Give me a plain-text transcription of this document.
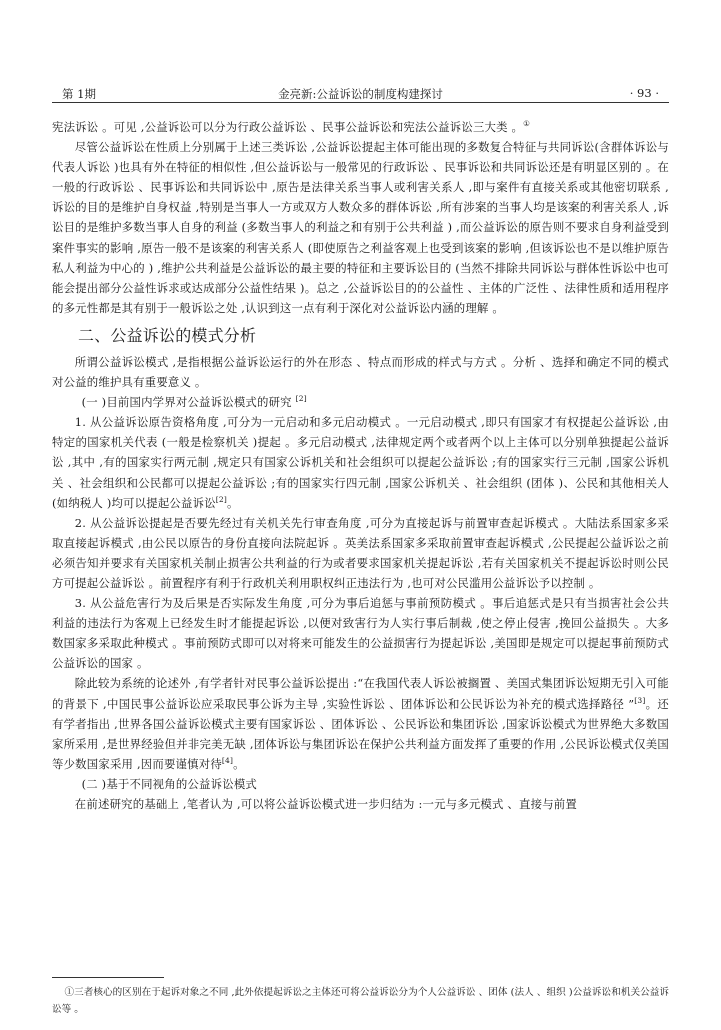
第 1期	金亮新:公益诉讼的制度构建探讨	· 93 ·

宪法诉讼 。可见 ,公益诉讼可以分为行政公益诉讼 、民事公益诉讼和宪法公益诉讼三大类 。①

尽管公益诉讼在性质上分别属于上述三类诉讼 ,公益诉讼提起主体可能出现的多数复合特征与共同诉讼(含群体诉讼与代表人诉讼 )也具有外在特征的相似性 ,但公益诉讼与一般常见的行政诉讼 、民事诉讼和共同诉讼还是有明显区别的 。在一般的行政诉讼 、民事诉讼和共同诉讼中 ,原告是法律关系当事人或利害关系人 ,即与案件有直接关系或其他密切联系 ,诉讼的目的是维护自身权益 ,特别是当事人一方或双方人数众多的群体诉讼 ,所有涉案的当事人均是该案的利害关系人 ,诉讼目的是维护多数当事人自身的利益 (多数当事人的利益之和有别于公共利益 ) ,而公益诉讼的原告则不要求自身利益受到案件事实的影响 ,原告一般不是该案的利害关系人 (即使原告之利益客观上也受到该案的影响 ,但该诉讼也不是以维护原告私人利益为中心的 ) ,维护公共利益是公益诉讼的最主要的特征和主要诉讼目的 (当然不排除共同诉讼与群体性诉讼中也可能会提出部分公益性诉求或达成部分公益性结果 )。总之 ,公益诉讼目的的公益性 、主体的广泛性 、法律性质和适用程序的多元性都是其有别于一般诉讼之处 ,认识到这一点有利于深化对公益诉讼内涵的理解 。

二、公益诉讼的模式分析

所谓公益诉讼模式 ,是指根据公益诉讼运行的外在形态 、特点而形成的样式与方式 。分析 、选择和确定不同的模式对公益的维护具有重要意义 。

(一 )目前国内学界对公益诉讼模式的研究 [2]

1. 从公益诉讼原告资格角度 ,可分为一元启动和多元启动模式 。一元启动模式 ,即只有国家才有权提起公益诉讼 ,由特定的国家机关代表 (一般是检察机关 )提起 。多元启动模式 ,法律规定两个或者两个以上主体可以分别单独提起公益诉讼 ,其中 ,有的国家实行两元制 ,规定只有国家公诉机关和社会组织可以提起公益诉讼 ;有的国家实行三元制 ,国家公诉机关 、社会组织和公民都可以提起公益诉讼 ;有的国家实行四元制 ,国家公诉机关 、社会组织 (团体 )、公民和其他相关人 (如纳税人 )均可以提起公益诉讼[2]。

2. 从公益诉讼提起是否要先经过有关机关先行审查角度 ,可分为直接起诉与前置审查起诉模式 。大陆法系国家多采取直接起诉模式 ,由公民以原告的身份直接向法院起诉 。英美法系国家多采取前置审查起诉模式 ,公民提起公益诉讼之前必须告知并要求有关国家机关制止损害公共利益的行为或者要求国家机关提起诉讼 ,若有关国家机关不提起诉讼时则公民方可提起公益诉讼 。前置程序有利于行政机关利用职权纠正违法行为 ,也可对公民滥用公益诉讼予以控制 。

3. 从公益危害行为及后果是否实际发生角度 ,可分为事后追惩与事前预防模式 。事后追惩式是只有当损害社会公共利益的违法行为客观上已经发生时才能提起诉讼 ,以便对致害行为人实行事后制裁 ,使之停止侵害 ,挽回公益损失 。大多数国家多采取此种模式 。事前预防式即可以对将来可能发生的公益损害行为提起诉讼 ,美国即是规定可以提起事前预防式公益诉讼的国家 。

除此较为系统的论述外 ,有学者针对民事公益诉讼提出 :“在我国代表人诉讼被搁置 、美国式集团诉讼短期无引入可能的背景下 ,中国民事公益诉讼应采取民事公诉为主导 ,实验性诉讼 、团体诉讼和公民诉讼为补充的模式选择路径 ”[3]。还有学者指出 ,世界各国公益诉讼模式主要有国家诉讼 、团体诉讼 、公民诉讼和集团诉讼 ,国家诉讼模式为世界绝大多数国家所采用 ,是世界经验但并非完美无缺 ,团体诉讼与集团诉讼在保护公共利益方面发挥了重要的作用 ,公民诉讼模式仅美国等少数国家采用 ,因而要谨慎对待[4]。

(二 )基于不同视角的公益诉讼模式

在前述研究的基础上 ,笔者认为 ,可以将公益诉讼模式进一步归结为 :一元与多元模式 、直接与前置

①三者核心的区别在于起诉对象之不同 ,此外依提起诉讼之主体还可将公益诉讼分为个人公益诉讼 、团体 (法人 、组织 )公益诉讼和机关公益诉讼等 。
